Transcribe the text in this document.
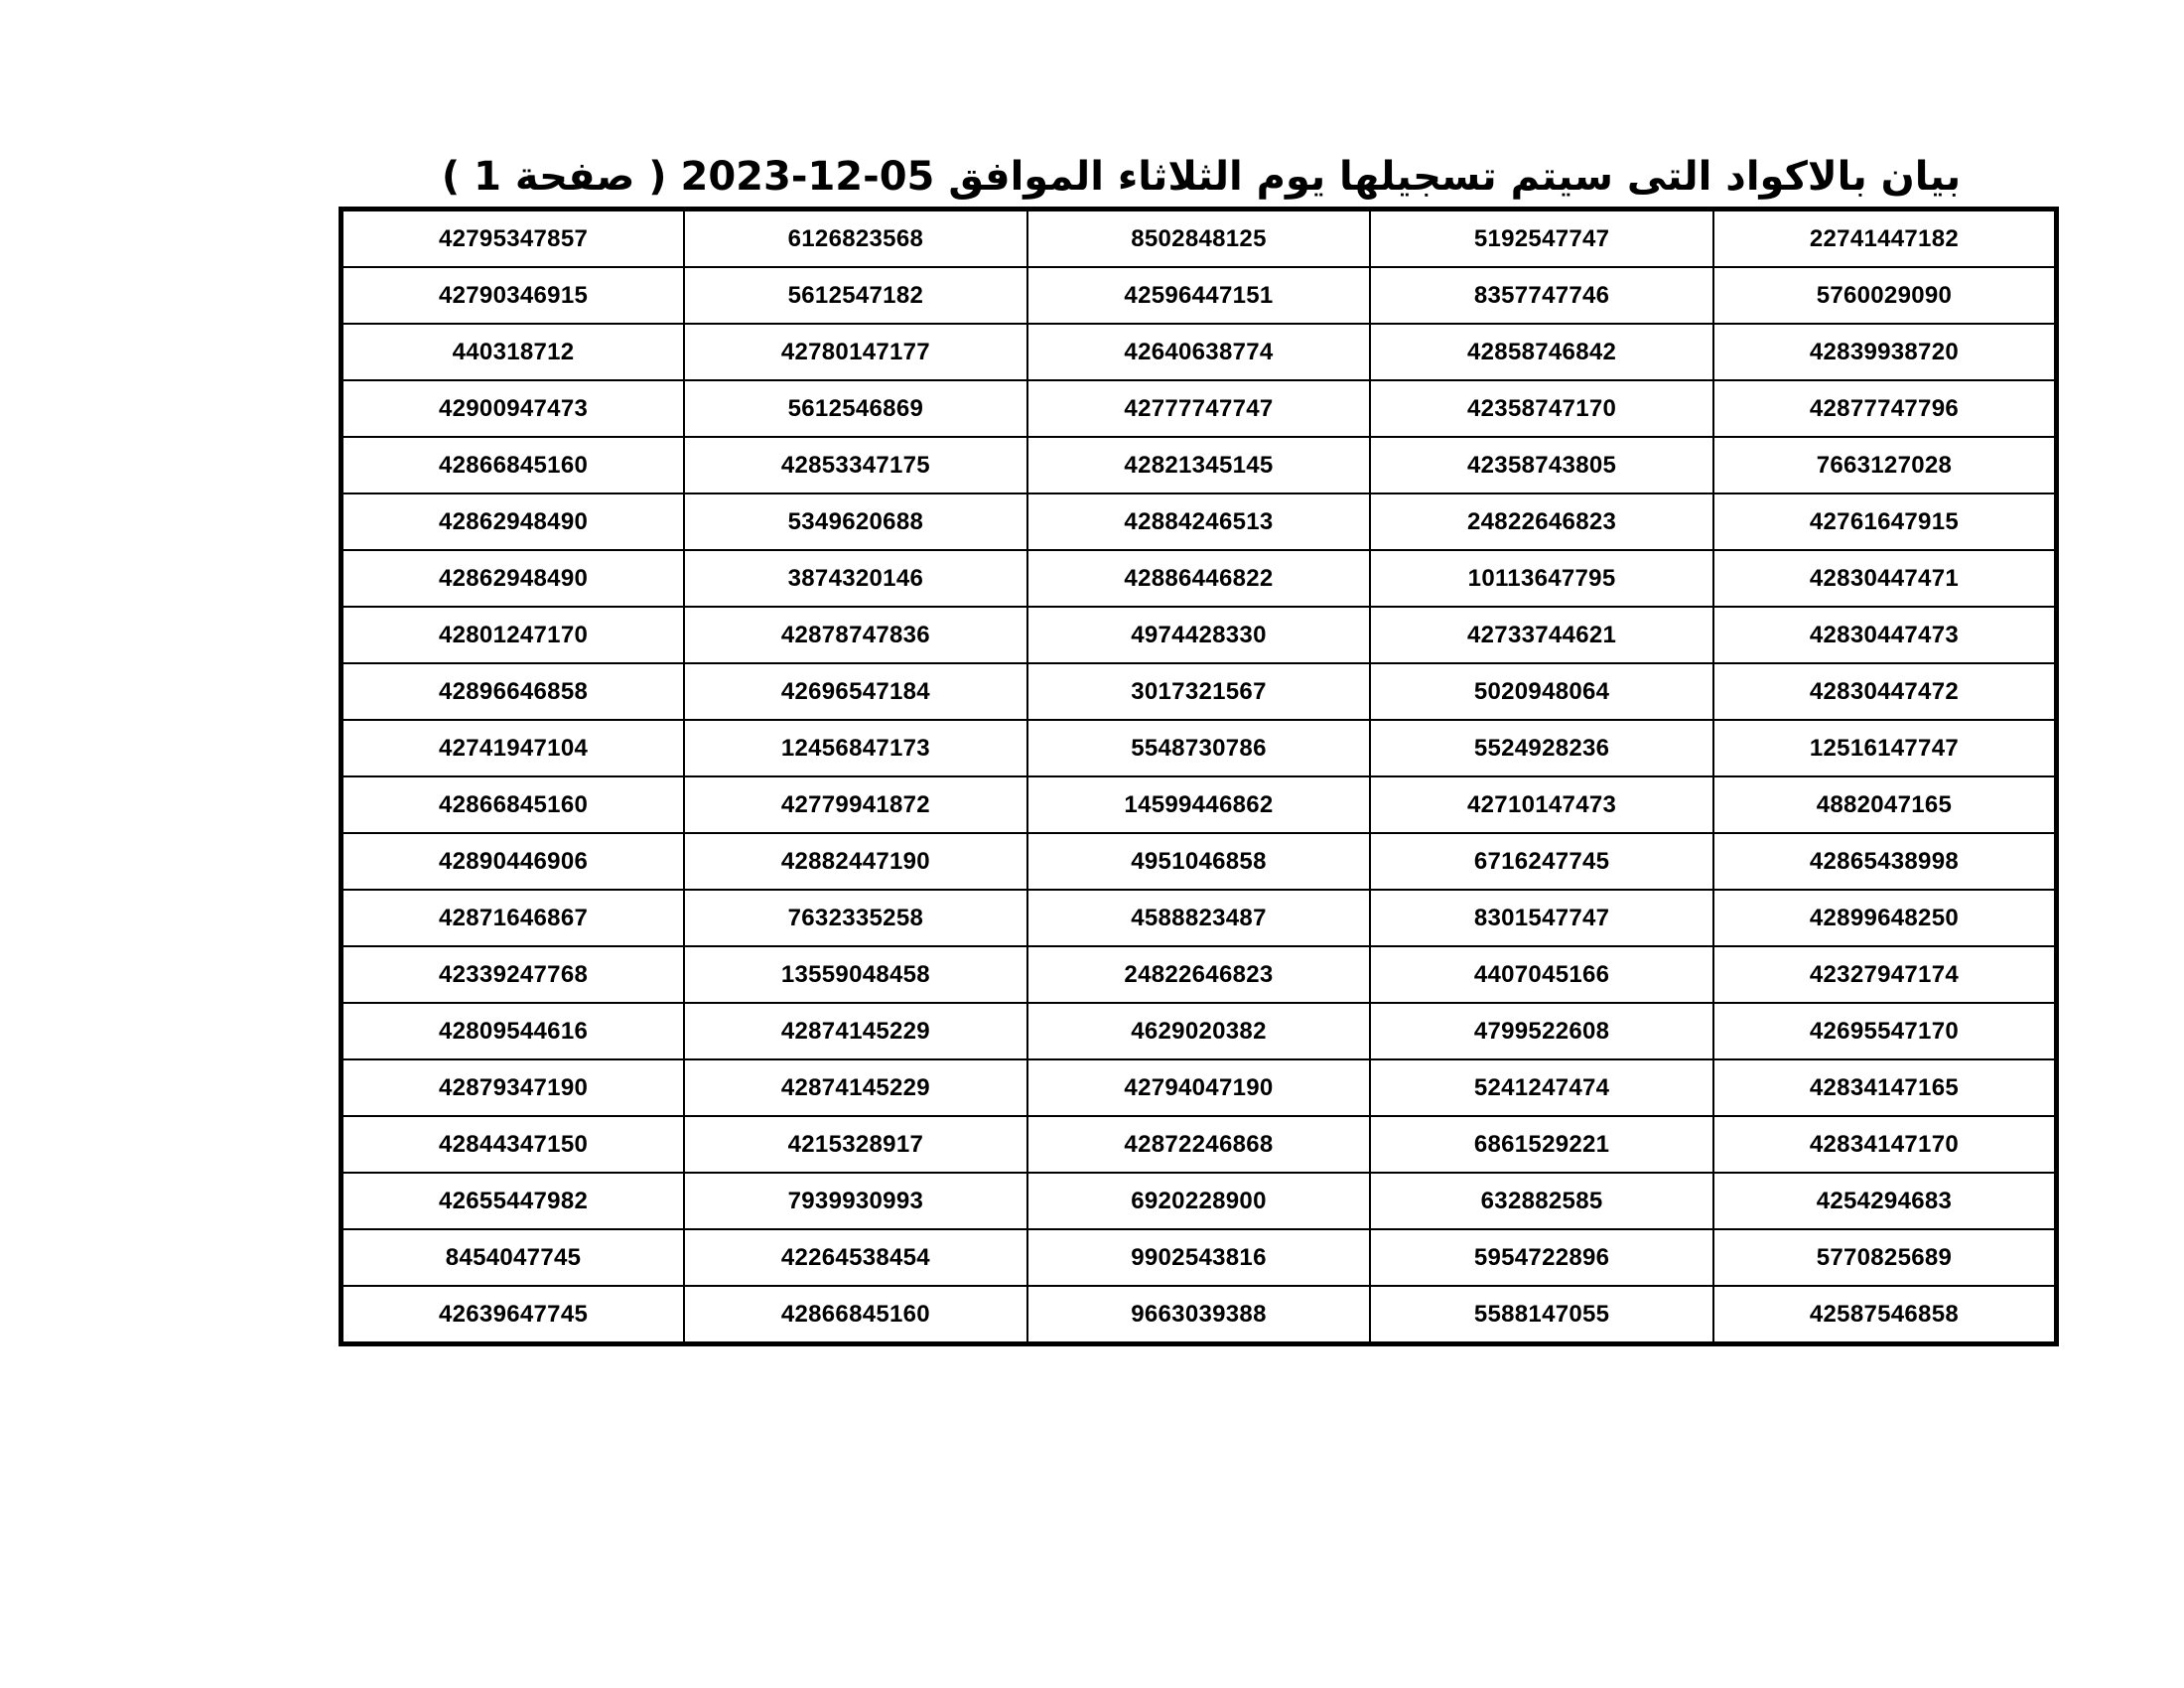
بيان بالاكواد التى سيتم تسجيلها يوم الثلاثاء الموافق 05-12-2023 ( صفحة 1 )
42795347857	6126823568	8502848125	5192547747	22741447182
42790346915	5612547182	42596447151	8357747746	5760029090
440318712	42780147177	42640638774	42858746842	42839938720
42900947473	5612546869	42777747747	42358747170	42877747796
42866845160	42853347175	42821345145	42358743805	7663127028
42862948490	5349620688	42884246513	24822646823	42761647915
42862948490	3874320146	42886446822	10113647795	42830447471
42801247170	42878747836	4974428330	42733744621	42830447473
42896646858	42696547184	3017321567	5020948064	42830447472
42741947104	12456847173	5548730786	5524928236	12516147747
42866845160	42779941872	14599446862	42710147473	4882047165
42890446906	42882447190	4951046858	6716247745	42865438998
42871646867	7632335258	4588823487	8301547747	42899648250
42339247768	13559048458	24822646823	4407045166	42327947174
42809544616	42874145229	4629020382	4799522608	42695547170
42879347190	42874145229	42794047190	5241247474	42834147165
42844347150	4215328917	42872246868	6861529221	42834147170
42655447982	7939930993	6920228900	632882585	4254294683
8454047745	42264538454	9902543816	5954722896	5770825689
42639647745	42866845160	9663039388	5588147055	42587546858
